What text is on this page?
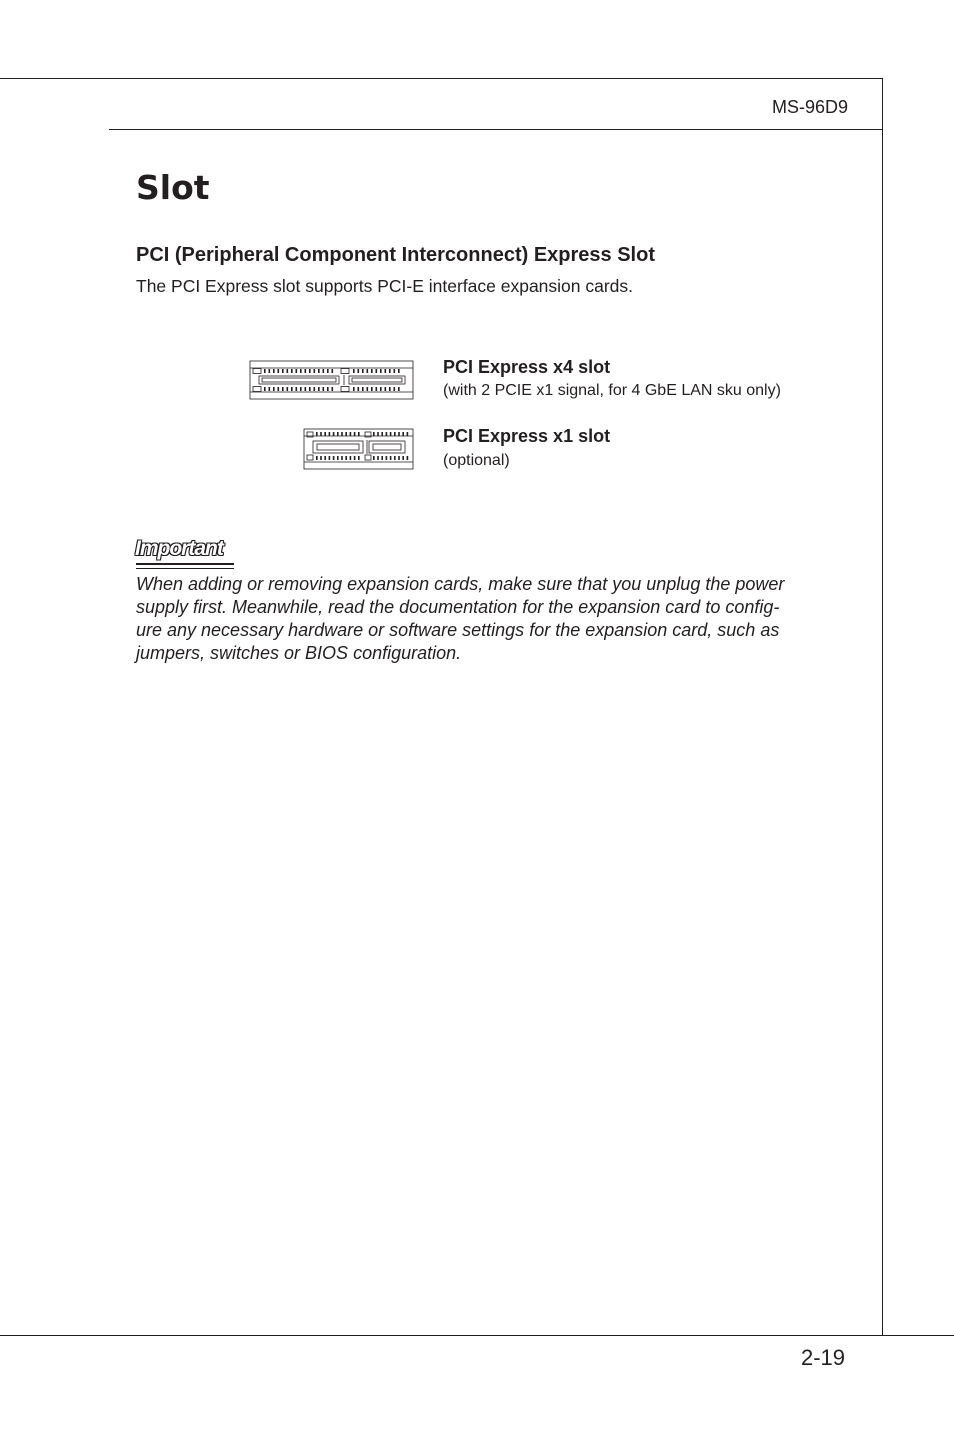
MS-96D9
Slot
PCI (Peripheral Component Interconnect) Express Slot
The PCI Express slot supports PCI-E interface expansion cards.
PCI Express x4 slot
(with 2 PCIE x1 signal, for 4 GbE LAN sku only)
PCI Express x1 slot
(optional)
Important
When adding or removing expansion cards, make sure that you unplug the power
supply first. Meanwhile, read the documentation for the expansion card to config-
ure any necessary hardware or software settings for the expansion card, such as
jumpers, switches or BIOS configuration.
2-19
